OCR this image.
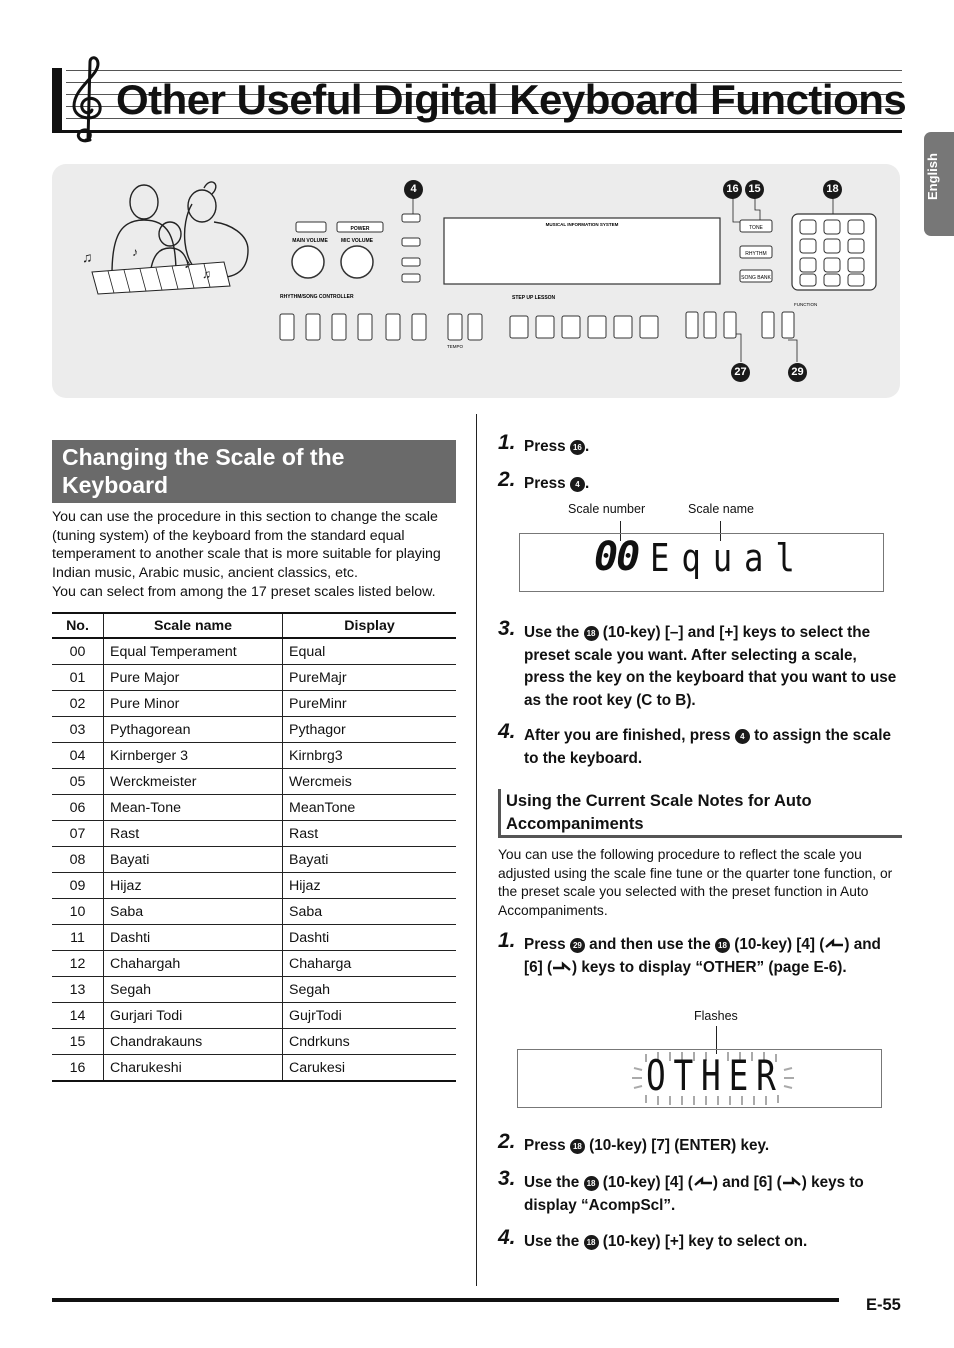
Other Useful Digital Keyboard Functions
English
♫	♪
♫
♪
POWER
MAIN VOLUME	MIC VOLUME
MUSICAL INFORMATION SYSTEM
TONE
RHYTHM
SONG BANK
RHYTHM/SONG CONTROLLER	STEP UP LESSON
TEMPO
FUNCTION
4	16 15	18
27	29
Changing the Scale of the Keyboard

You can use the procedure in this section to change the scale (tuning system) of the keyboard from the standard equal temperament to another scale that is more suitable for playing Indian music, Arabic music, ancient classics, etc.

You can select from among the 17 preset scales listed below.

No.	Scale name	Display
00	Equal Temperament	Equal
01	Pure Major	PureMajr
02	Pure Minor	PureMinr
03	Pythagorean	Pythagor
04	Kirnberger 3	Kirnbrg3
05	Werckmeister	Wercmeis
06	Mean-Tone	MeanTone
07	Rast	Rast
08	Bayati	Bayati
09	Hijaz	Hijaz
10	Saba	Saba
11	Dashti	Dashti
12	Chahargah	Chaharga
13	Segah	Segah
14	Gurjari Todi	GujrTodi
15	Chandrakauns	Cndrkuns
16	Charukeshi	Carukesi
1. Press 16 .
2. Press 4 .
Scale number	Scale name
00 Equal
3. Use the 18 (10-key) [–] and [+] keys to select the preset scale you want. After selecting a scale, press the key on the keyboard that you want to use as the root key (C to B).
4. After you are finished, press 4 to assign the scale to the keyboard.
Using the Current Scale Notes for Auto Accompaniments

You can use the following procedure to reflect the scale you adjusted using the scale fine tune or the quarter tone function, or the preset scale you selected with the preset function in Auto Accompaniments.

1. Press 29 and then use the 18 (10-key) [4] ( ) and [6] ( ) keys to display “OTHER” (page E-6).
Flashes
OTHER
2. Press 18 (10-key) [7] (ENTER) key.
3. Use the 18 (10-key) [4] ( ) and [6] ( ) keys to display “AcompScl”.
4. Use the 18 (10-key) [+] key to select on.
E-55
